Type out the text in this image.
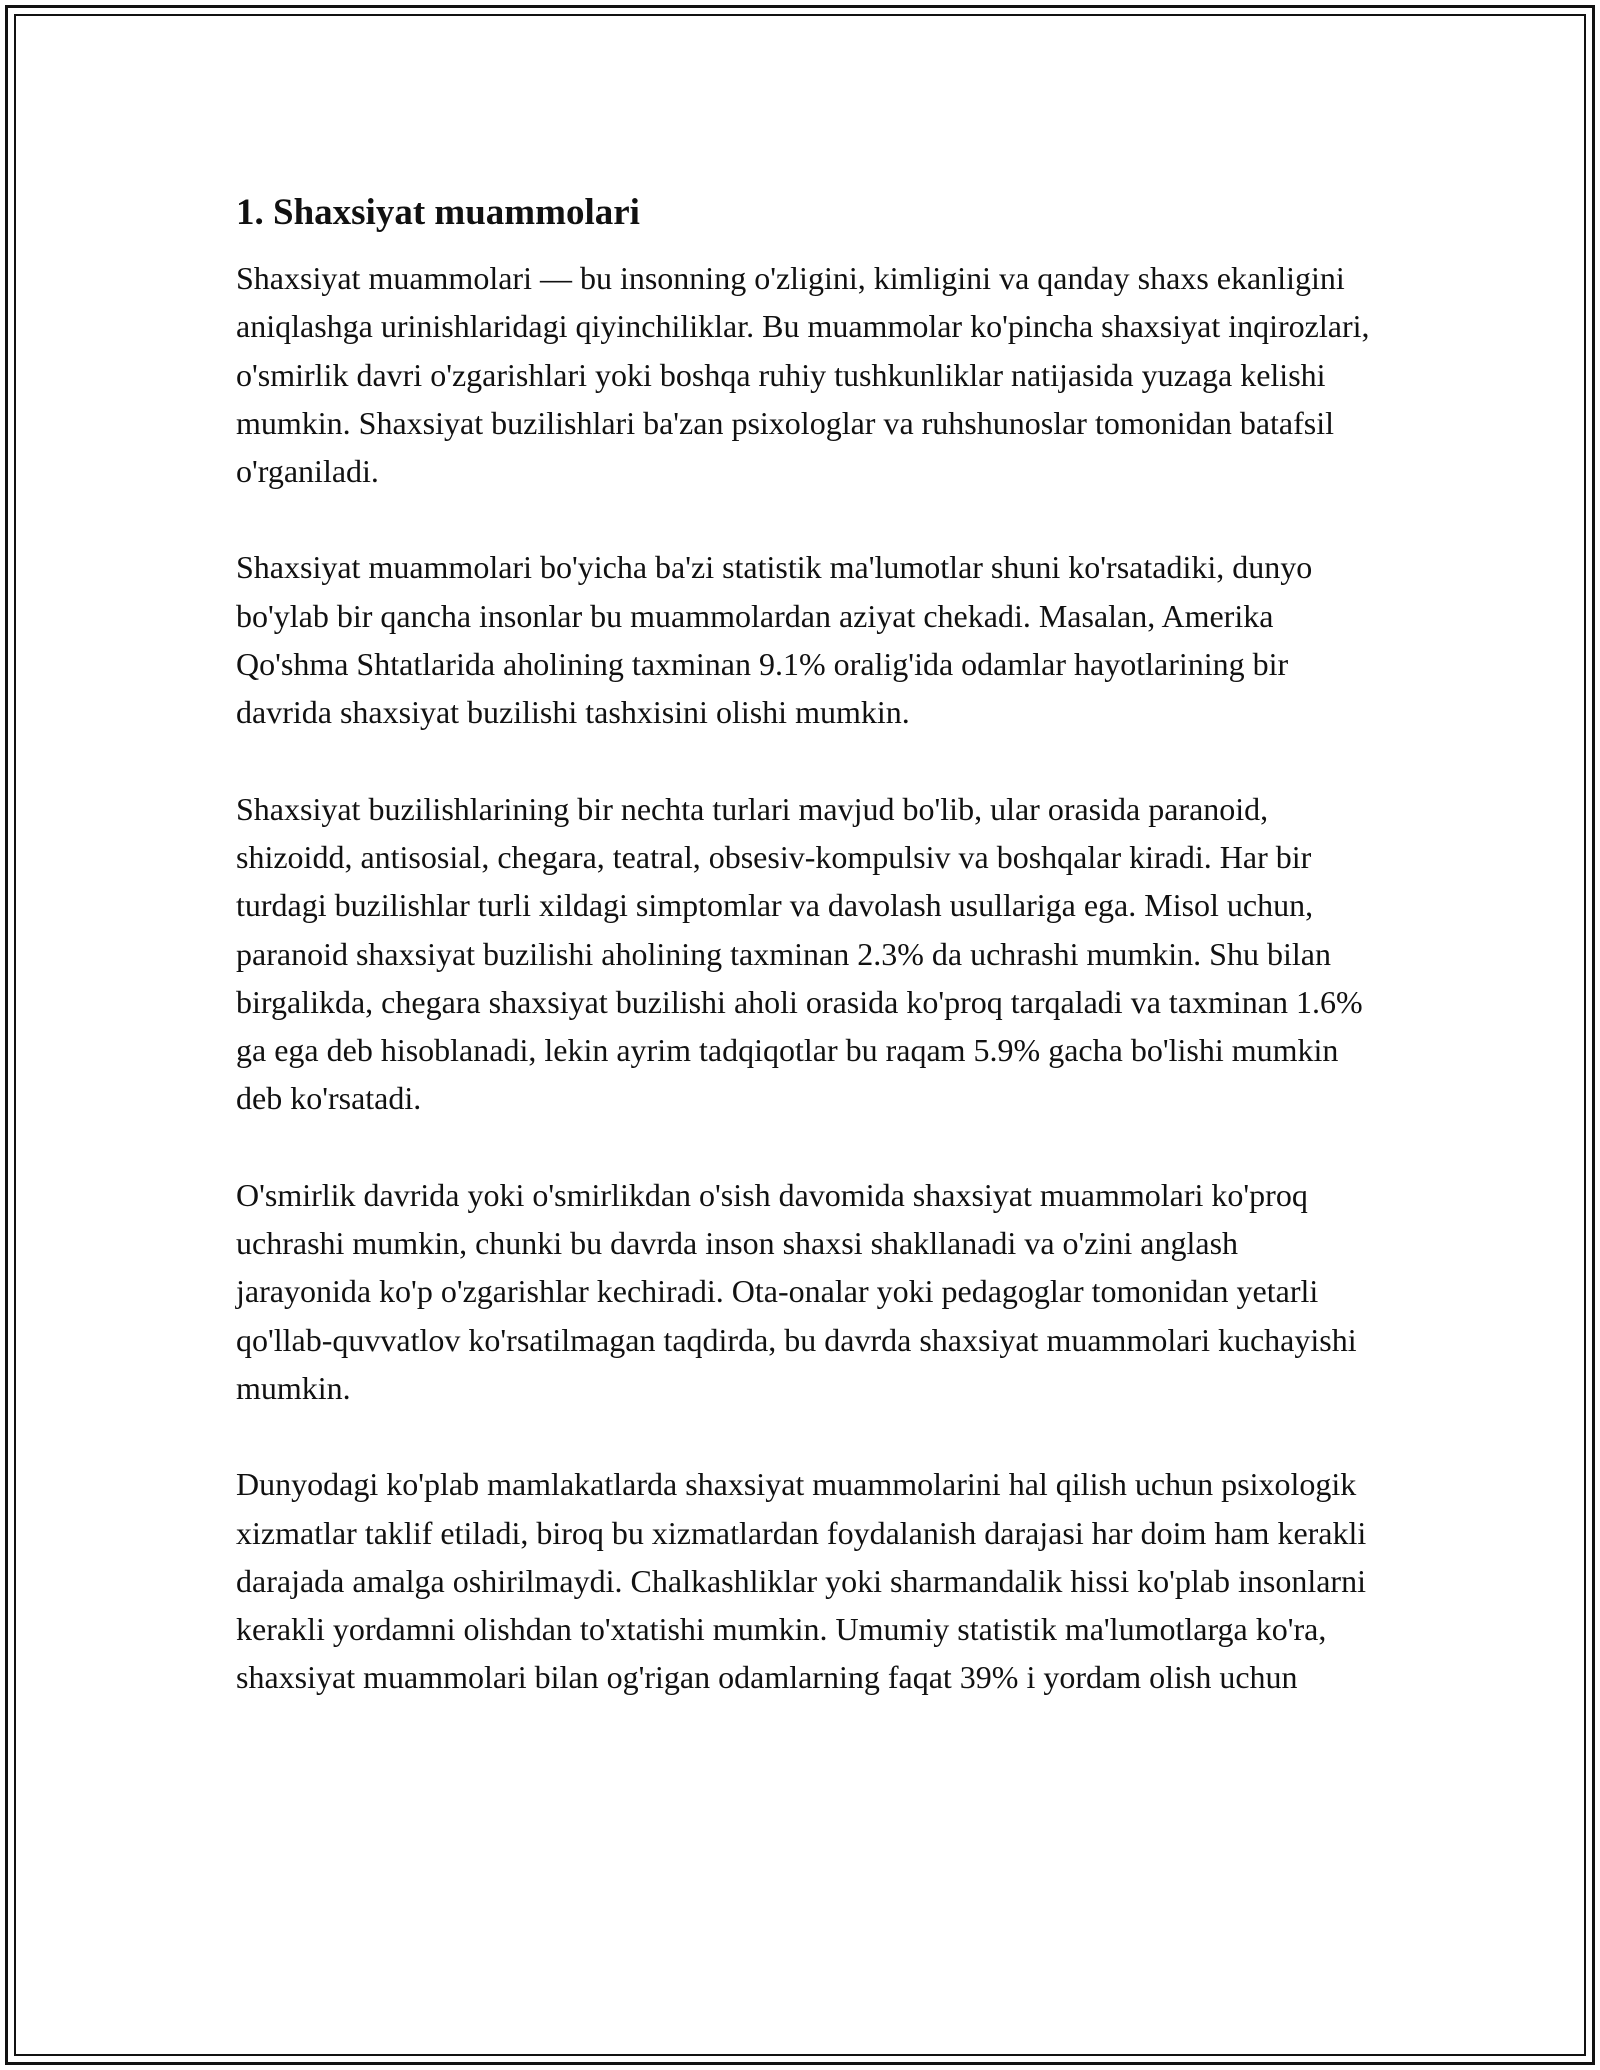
1. Shaxsiyat muammolari

Shaxsiyat muammolari — bu insonning o'zligini, kimligini va qanday shaxs ekanligini aniqlashga urinishlaridagi qiyinchiliklar. Bu muammolar ko'pincha shaxsiyat inqirozlari, o'smirlik davri o'zgarishlari yoki boshqa ruhiy tushkunliklar natijasida yuzaga kelishi mumkin. Shaxsiyat buzilishlari ba'zan psixologlar va ruhshunoslar tomonidan batafsil o'rganiladi.

Shaxsiyat muammolari bo'yicha ba'zi statistik ma'lumotlar shuni ko'rsatadiki, dunyo bo'ylab bir qancha insonlar bu muammolardan aziyat chekadi. Masalan, Amerika Qo'shma Shtatlarida aholining taxminan 9.1% oralig'ida odamlar hayotlarining bir davrida shaxsiyat buzilishi tashxisini olishi mumkin.

Shaxsiyat buzilishlarining bir nechta turlari mavjud bo'lib, ular orasida paranoid, shizoidd, antisosial, chegara, teatral, obsesiv-kompulsiv va boshqalar kiradi. Har bir turdagi buzilishlar turli xildagi simptomlar va davolash usullariga ega. Misol uchun, paranoid shaxsiyat buzilishi aholining taxminan 2.3% da uchrashi mumkin. Shu bilan birgalikda, chegara shaxsiyat buzilishi aholi orasida ko'proq tarqaladi va taxminan 1.6% ga ega deb hisoblanadi, lekin ayrim tadqiqotlar bu raqam 5.9% gacha bo'lishi mumkin deb ko'rsatadi.

O'smirlik davrida yoki o'smirlikdan o'sish davomida shaxsiyat muammolari ko'proq uchrashi mumkin, chunki bu davrda inson shaxsi shakllanadi va o'zini anglash jarayonida ko'p o'zgarishlar kechiradi. Ota-onalar yoki pedagoglar tomonidan yetarli qo'llab-quvvatlov ko'rsatilmagan taqdirda, bu davrda shaxsiyat muammolari kuchayishi mumkin.

Dunyodagi ko'plab mamlakatlarda shaxsiyat muammolarini hal qilish uchun psixologik xizmatlar taklif etiladi, biroq bu xizmatlardan foydalanish darajasi har doim ham kerakli darajada amalga oshirilmaydi. Chalkashliklar yoki sharmandalik hissi ko'plab insonlarni kerakli yordamni olishdan to'xtatishi mumkin. Umumiy statistik ma'lumotlarga ko'ra, shaxsiyat muammolari bilan og'rigan odamlarning faqat 39% i yordam olish uchun
